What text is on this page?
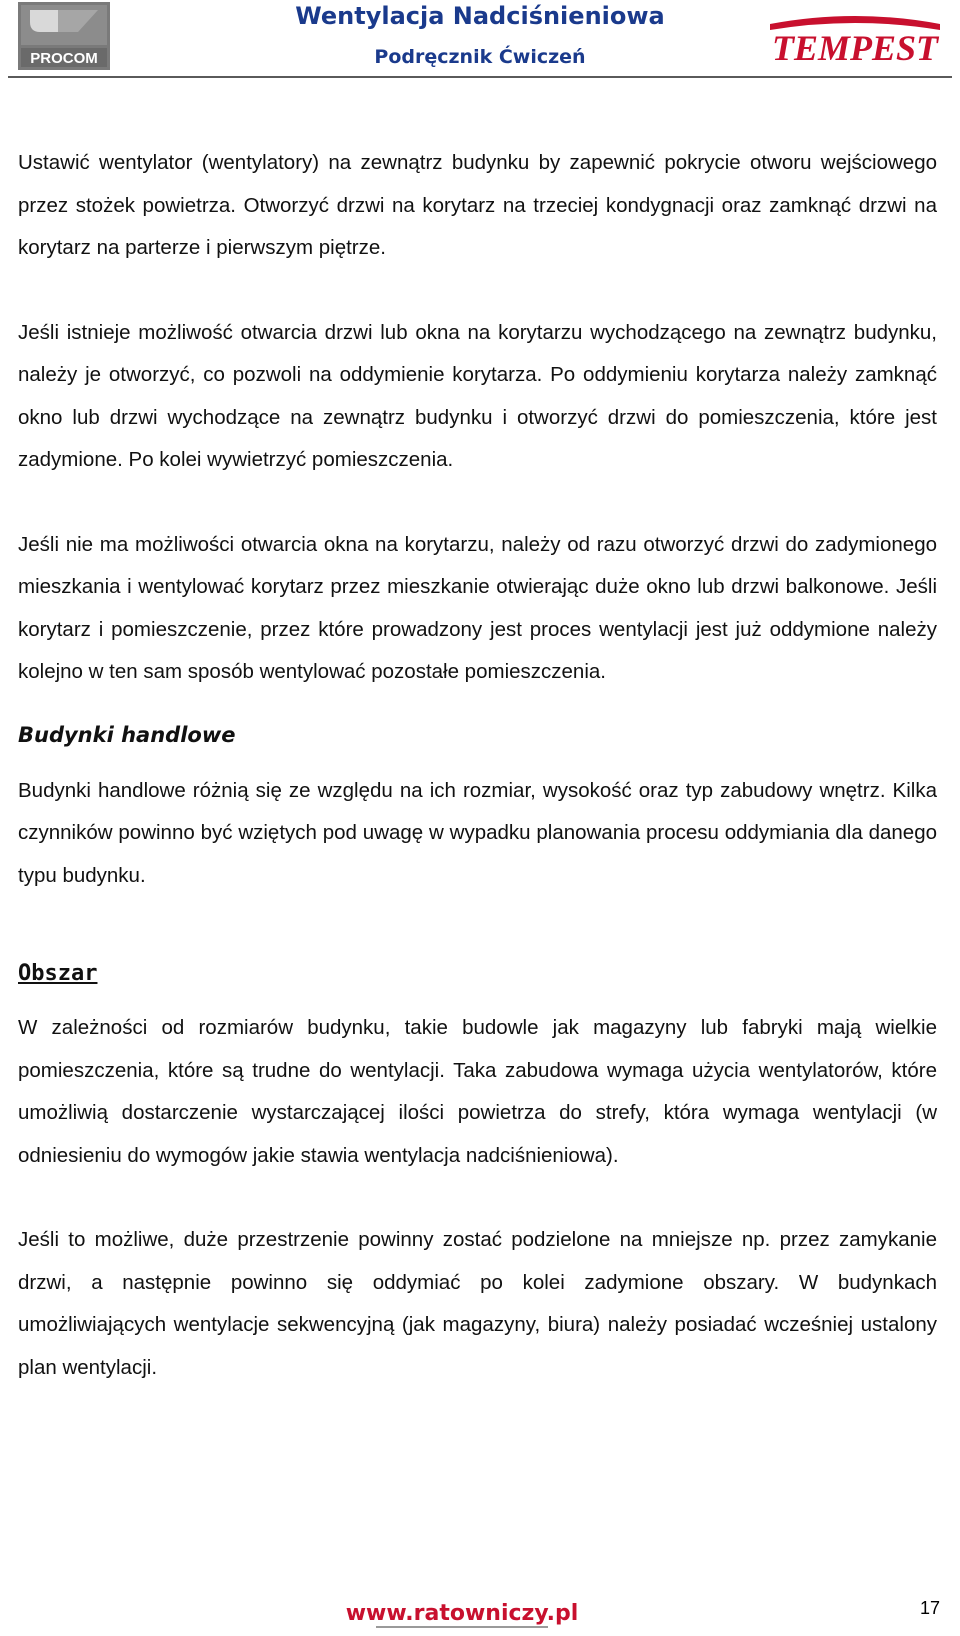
PROCOM
Wentylacja Nadciśnieniowa
Podręcznik Ćwiczeń	TEMPEST

Ustawić wentylator (wentylatory) na zewnątrz budynku by zapewnić pokrycie otworu wejściowego przez stożek powietrza. Otworzyć drzwi na korytarz na trzeciej kondygnacji oraz zamknąć drzwi na korytarz na parterze i pierwszym piętrze.

Jeśli istnieje możliwość otwarcia drzwi lub okna na korytarzu wychodzącego na zewnątrz budynku, należy je otworzyć, co pozwoli na oddymienie korytarza. Po oddymieniu korytarza należy zamknąć okno lub drzwi wychodzące na zewnątrz budynku i otworzyć drzwi do pomieszczenia, które jest zadymione. Po kolei wywietrzyć pomieszczenia.

Jeśli nie ma możliwości otwarcia okna na korytarzu, należy od razu otworzyć drzwi do zadymionego mieszkania i wentylować korytarz przez mieszkanie otwierając duże okno lub drzwi balkonowe. Jeśli korytarz i pomieszczenie, przez które prowadzony jest proces wentylacji jest już oddymione należy kolejno w ten sam sposób wentylować pozostałe pomieszczenia.

Budynki handlowe

Budynki handlowe różnią się ze względu na ich rozmiar, wysokość oraz typ zabudowy wnętrz. Kilka czynników powinno być wziętych pod uwagę w wypadku planowania procesu oddymiania dla danego typu budynku.

Obszar

W zależności od rozmiarów budynku, takie budowle jak magazyny lub fabryki mają wielkie pomieszczenia, które są trudne do wentylacji. Taka zabudowa wymaga użycia wentylatorów, które umożliwią dostarczenie wystarczającej ilości powietrza do strefy, która wymaga wentylacji (w odniesieniu do wymogów jakie stawia wentylacja nadciśnieniowa).

Jeśli to możliwe, duże przestrzenie powinny zostać podzielone na mniejsze np. przez zamykanie drzwi, a następnie powinno się oddymiać po kolei zadymione obszary. W budynkach umożliwiających wentylacje sekwencyjną (jak magazyny, biura) należy posiadać wcześniej ustalony plan wentylacji.

www.ratowniczy.pl	17
